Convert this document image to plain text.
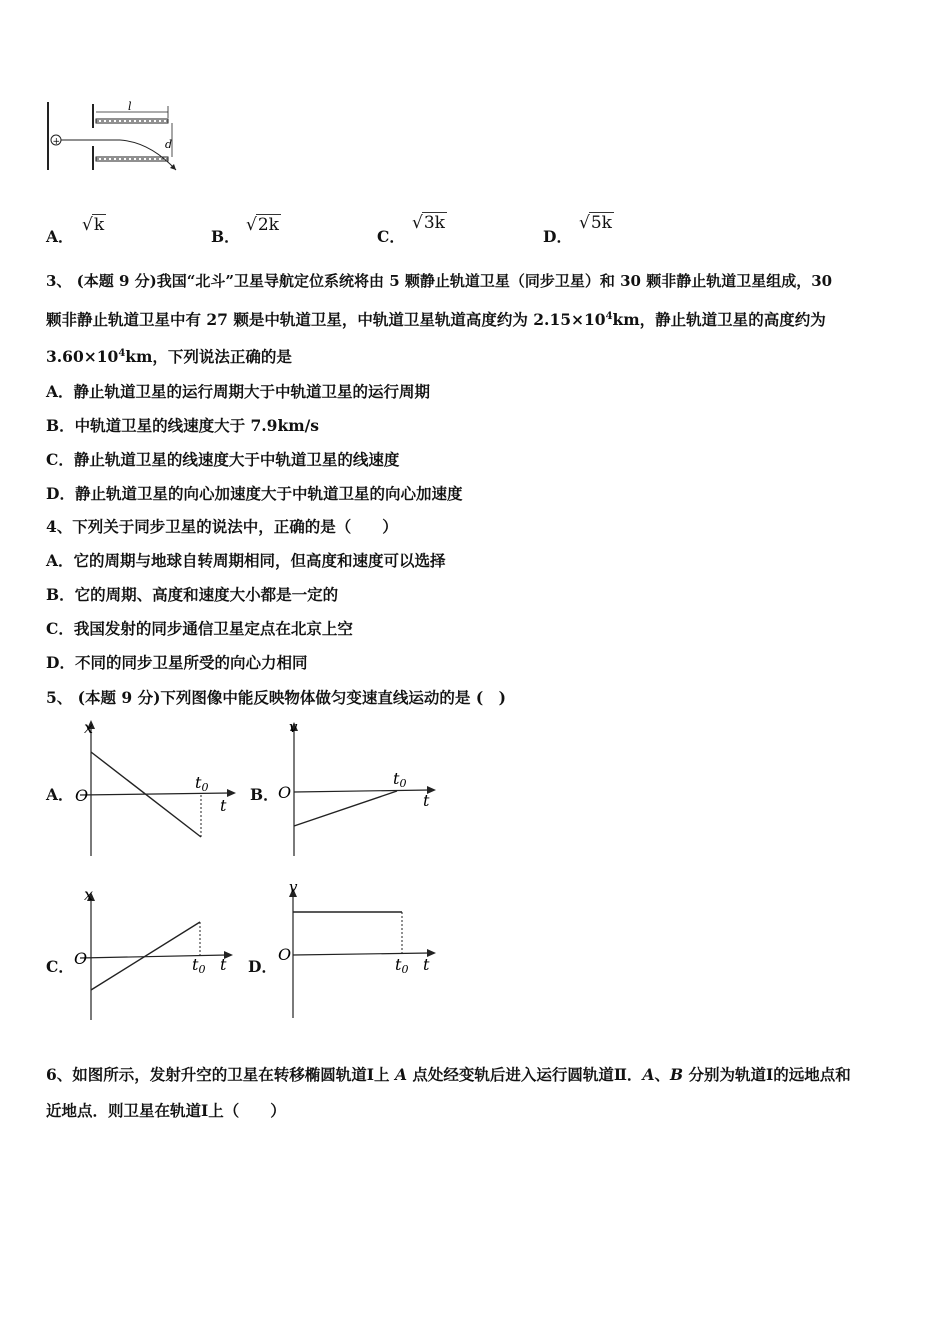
+
l
d
A．
√k
B．
√2k
C．
√3k
D．
√5k
3、 (本题 9 分)我国“北斗”卫星导航定位系统将由 5 颗静止轨道卫星（同步卫星）和 30 颗非静止轨道卫星组成，30
颗非静止轨道卫星中有 27 颗是中轨道卫星，中轨道卫星轨道高度约为 $2.15\times 10^4km$，静止轨道卫星的高度约为
$3.60\times 10^4km$，下列说法正确的是
A．静止轨道卫星的运行周期大于中轨道卫星的运行周期
B．中轨道卫星的线速度大于 7.9km/s
C．静止轨道卫星的线速度大于中轨道卫星的线速度
D．静止轨道卫星的向心加速度大于中轨道卫星的向心加速度
4、下列关于同步卫星的说法中，正确的是（　　）
A．它的周期与地球自转周期相同，但高度和速度可以选择
B．它的周期、高度和速度大小都是一定的
C．我国发射的同步通信卫星定点在北京上空
D．不同的同步卫星所受的向心力相同
5、 (本题 9 分)下列图像中能反映物体做匀变速直线运动的是 (　)
A．
x
O
t
t0	B．
v
O	t
t0
C．
x
O	t
t0	D．
v
O
t
t0
6、如图所示，发射升空的卫星在转移椭圆轨道Ⅰ上 A 点处经变轨后进入运行圆轨道Ⅱ．A、B 分别为轨道Ⅰ的远地点和
近地点．则卫星在轨道Ⅰ上（　　）
